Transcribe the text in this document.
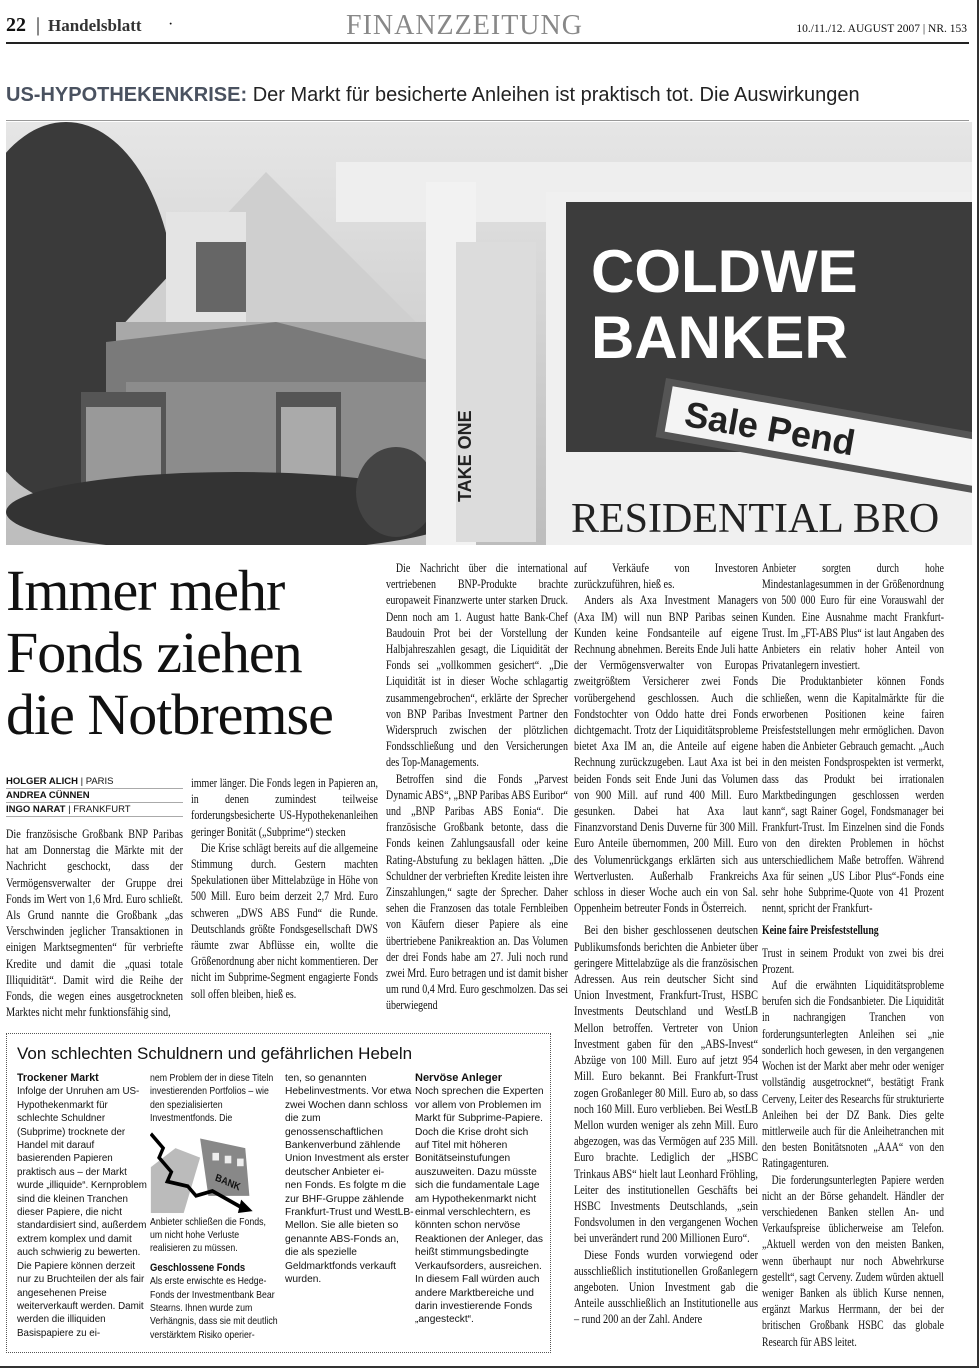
22 | Handelsblatt ·	FINANZZEITUNG	10./11./12. AUGUST 2007 | NR. 153
US-HYPOTHEKENKRISE: Der Markt für besicherte Anleihen ist praktisch tot. Die Auswirkungen
TAKE ONE
COLDWE
BANKER
Sale Pend
RESIDENTIAL BRO
Immer mehr
Fonds ziehen
die Notbremse
HOLGER ALICH | PARIS
ANDREA CÜNNEN
INGO NARAT | FRANKFURT

Die französische Großbank BNP Paribas hat am Donnerstag die Märkte mit der Nachricht geschockt, dass der Vermögensverwalter der Gruppe drei Fonds im Wert von 1,6 Mrd. Euro schließt. Als Grund nannte die Großbank „das Verschwinden jeglicher Transaktionen in einigen Marktsegmenten“ für verbriefte Kredite und damit die „quasi totale Illiquidität“. Damit wird die Reihe der Fonds, die wegen eines ausgetrockneten Marktes nicht mehr funktionsfähig sind,

immer länger. Die Fonds legen in Papieren an, in denen zumindest teilweise forderungsbesicherte US-Hypothekenanleihen geringer Bonität („Subprime“) stecken

Die Krise schlägt bereits auf die allgemeine Stimmung durch. Gestern machten Spekulationen über Mittelabzüge in Höhe von 500 Mill. Euro beim derzeit 2,7 Mrd. Euro schweren „DWS ABS Fund“ die Runde. Deutschlands größte Fondsgesellschaft DWS räumte zwar Abflüsse ein, wollte die Größenordnung aber nicht kommentieren. Der nicht im Subprime-Segment engagierte Fonds soll offen bleiben, hieß es.

Die Nachricht über die international vertriebenen BNP-Produkte brachte europaweit Finanzwerte unter starken Druck. Denn noch am 1. August hatte Bank-Chef Baudouin Prot bei der Vorstellung der Halbjahreszahlen gesagt, die Liquidität der Fonds sei „vollkommen gesichert“. „Die Liquidität ist in dieser Woche schlagartig zusammengebrochen“, erklärte der Sprecher von BNP Paribas Investment Partner den Widerspruch zwischen der plötzlichen Fondsschließung und den Versicherungen des Top-Managements.

Betroffen sind die Fonds „Parvest Dynamic ABS“, „BNP Paribas ABS Euribor“ und „BNP Paribas ABS Eonia“. Die französische Großbank betonte, dass die Fonds keinen Zahlungsausfall oder keine Rating-Abstufung zu beklagen hätten. „Die Schuldner der verbrieften Kredite leisten ihre Zinszahlungen,“ sagte der Sprecher. Daher sehen die Franzosen das totale Fernbleiben von Käufern dieser Papiere als eine übertriebene Panikreaktion an. Das Volumen der drei Fonds habe am 27. Juli noch rund zwei Mrd. Euro betragen und ist damit bisher um rund 0,4 Mrd. Euro geschmolzen. Das sei überwiegend

auf Verkäufe von Investoren zurückzuführen, hieß es.

Anders als Axa Investment Managers (Axa IM) will nun BNP Paribas seinen Kunden keine Fondsanteile auf eigene Rechnung abnehmen. Bereits Ende Juli hatte der Vermögensverwalter von Europas zweitgrößtem Versicherer zwei Fonds vorübergehend geschlossen. Auch die Fondstochter von Oddo hatte drei Fonds dichtgemacht. Trotz der Liquiditätsprobleme bietet Axa IM an, die Anteile auf eigene Rechnung zurückzugeben. Laut Axa ist bei beiden Fonds seit Ende Juni das Volumen von 900 Mill. auf rund 400 Mill. Euro gesunken. Dabei hat Axa laut Finanzvorstand Denis Duverne für 300 Mill. Euro Anteile übernommen, 200 Mill. Euro des Volumenrückgangs erklärten sich aus Wertverlusten. Außerhalb Frankreichs schloss in dieser Woche auch ein von Sal. Oppenheim betreuter Fonds in Österreich.

Bei den bisher geschlossenen deutschen Publikumsfonds berichten die Anbieter über geringere Mittelabzüge als die französischen Adressen. Aus rein deutscher Sicht sind Union Investment, Frankfurt-Trust, HSBC Investments Deutschland und WestLB Mellon betroffen. Vertreter von Union Investment gaben für den „ABS-Invest“ Abzüge von 100 Mill. Euro auf jetzt 954 Mill. Euro bekannt. Bei Frankfurt-Trust zogen Großanleger 80 Mill. Euro ab, so dass noch 160 Mill. Euro verblieben. Bei WestLB Mellon wurden weniger als zehn Mill. Euro abgezogen, was das Vermögen auf 235 Mill. Euro brachte. Lediglich der „HSBC Trinkaus ABS“ hielt laut Leonhard Fröhling, Leiter des institutionellen Geschäfts bei HSBC Investments Deutschlands, „sein Fondsvolumen in den vergangenen Wochen bei unverändert rund 200 Millionen Euro“.

Diese Fonds wurden vorwiegend oder ausschließlich institutionellen Großanlegern angeboten. Union Investment gab die Anteile ausschließlich an Institutionelle aus – rund 200 an der Zahl. Andere

Anbieter sorgten durch hohe Mindestanlagesummen in der Größenordnung von 500 000 Euro für eine Vorauswahl der Kunden. Eine Ausnahme macht Frankfurt-Trust. Im „FT-ABS Plus“ ist laut Angaben des Anbieters ein relativ hoher Anteil von Privatanlegern investiert.

Die Produktanbieter können Fonds schließen, wenn die Kapitalmärkte für die erworbenen Positionen keine fairen Preisfeststellungen mehr ermöglichen. Davon haben die Anbieter Gebrauch gemacht. „Auch in den meisten Fondsprospekten ist vermerkt, dass das Produkt bei irrationalen Marktbedingungen geschlossen werden kann“, sagt Rainer Gogel, Fondsmanager bei Frankfurt-Trust. Im Einzelnen sind die Fonds von den direkten Problemen in höchst unterschiedlichem Maße betroffen. Während Axa für seinen „US Libor Plus“-Fonds eine sehr hohe Subprime-Quote von 41 Prozent nennt, spricht der Frankfurt-

Keine faire Preisfeststellung

Trust in seinem Produkt von zwei bis drei Prozent.

Auf die erwähnten Liquiditätsprobleme berufen sich die Fondsanbieter. Die Liquidität in nachrangigen Tranchen von forderungsunterlegten Anleihen sei „nie sonderlich hoch gewesen, in den vergangenen Wochen ist der Markt aber mehr oder weniger vollständig ausgetrocknet“, bestätigt Frank Cerveny, Leiter des Researchs für strukturierte Anleihen bei der DZ Bank. Dies gelte mittlerweile auch für die Anleihetranchen mit den besten Bonitätsnoten „AAA“ von den Ratingagenturen.

Die forderungsunterlegten Papiere werden nicht an der Börse gehandelt. Händler der verschiedenen Banken stellen An- und Verkaufspreise üblicherweise am Telefon. „Aktuell werden von den meisten Banken, wenn überhaupt nur noch Abwehrkurse gestellt“, sagt Cerveny. Zudem würden aktuell weniger Banken als üblich Kurse nennen, ergänzt Markus Herrmann, der bei der britischen Großbank HSBC das globale Research für ABS leitet.

Von schlechten Schuldnern und gefährlichen Hebeln
Trockener Markt
Infolge der Unruhen am US-Hypothekenmarkt für schlechte Schuldner (Subprime) trocknete der Handel mit darauf basierenden Papieren praktisch aus – der Markt wurde „illiquide“. Kernproblem sind die kleinen Tranchen dieser Papiere, die nicht standardisiert sind, außerdem extrem komplex und damit auch schwierig zu bewerten. Die Papiere können derzeit nur zu Bruchteilen der als fair angesehenen Preise weiterverkauft werden. Damit werden die illiquiden Basispapiere zu ei-
nem Problem der in diese Titeln investierenden Portfolios – wie den spezialisierten Investmentfonds. Die
BANK
Anbieter schließen die Fonds, um nicht hohe Verluste realisieren zu müssen.
Geschlossene Fonds
Als erste erwischte es Hedge-Fonds der Investmentbank Bear Stearns. Ihnen wurde zum Verhängnis, dass sie mit deutlich verstärktem Risiko operier-
ten, so genannten Hebelinvestments. Vor etwa zwei Wochen dann schloss die zum genossenschaftlichen
Bankenverbund zählende Union Investment als erster deutscher Anbieter ei-
nen Fonds. Es folgte m die zur BHF-Gruppe zählende Frankfurt-Trust und WestLB-Mellon. Sie alle bieten so genannte ABS-Fonds an, die als spezielle Geldmarktfonds verkauft wurden.
Nervöse Anleger
Noch sprechen die Experten vor allem von Problemen im Markt für Subprime-Papiere. Doch die Krise droht sich auf Titel mit höheren Bonitätseinstufungen auszuweiten. Dazu müsste sich die fundamentale Lage am Hypothekenmarkt nicht einmal verschlechtern, es könnten schon nervöse Reaktionen der Anleger, das heißt stimmungsbedingte Verkaufsorders, ausreichen. In diesem Fall würden auch andere Marktbereiche und darin investierende Fonds „angesteckt“.
